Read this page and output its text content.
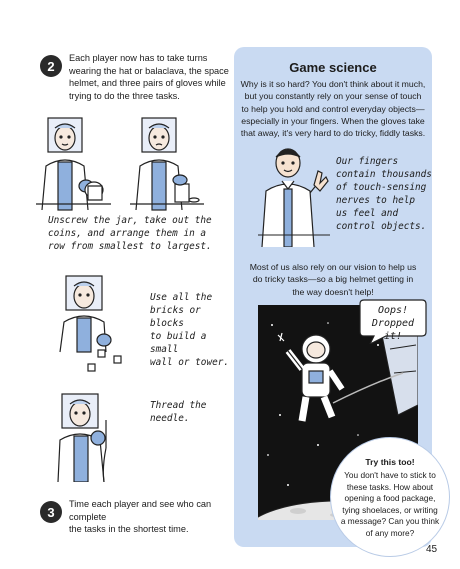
2
Each player now has to take turns
wearing the hat or balaclava, the space
helmet, and three pairs of gloves while
trying to do the three tasks.
Unscrew the jar, take out the
coins, and arrange them in a
row from smallest to largest.
Use all the
bricks or blocks
to build a small
wall or tower.
Thread the
needle.
3
Time each player and see who can complete
the tasks in the shortest time.
Game science
Why is it so hard? You don't think about it much,
but you constantly rely on your sense of touch
to help you hold and control everyday objects—
especially in your fingers. When the gloves take
that away, it's very hard to do tricky, fiddly tasks.
Our fingers
contain thousands
of touch-sensing
nerves to help
us feel and
control objects.
Most of us also rely on our vision to help us
do tricky tasks—so a big helmet getting in
the way doesn't help!
Oops!
Dropped it!
Try this too!
You don't have to stick to
these tasks. How about
opening a food package,
tying shoelaces, or writing
a message? Can you think
of any more?
45
